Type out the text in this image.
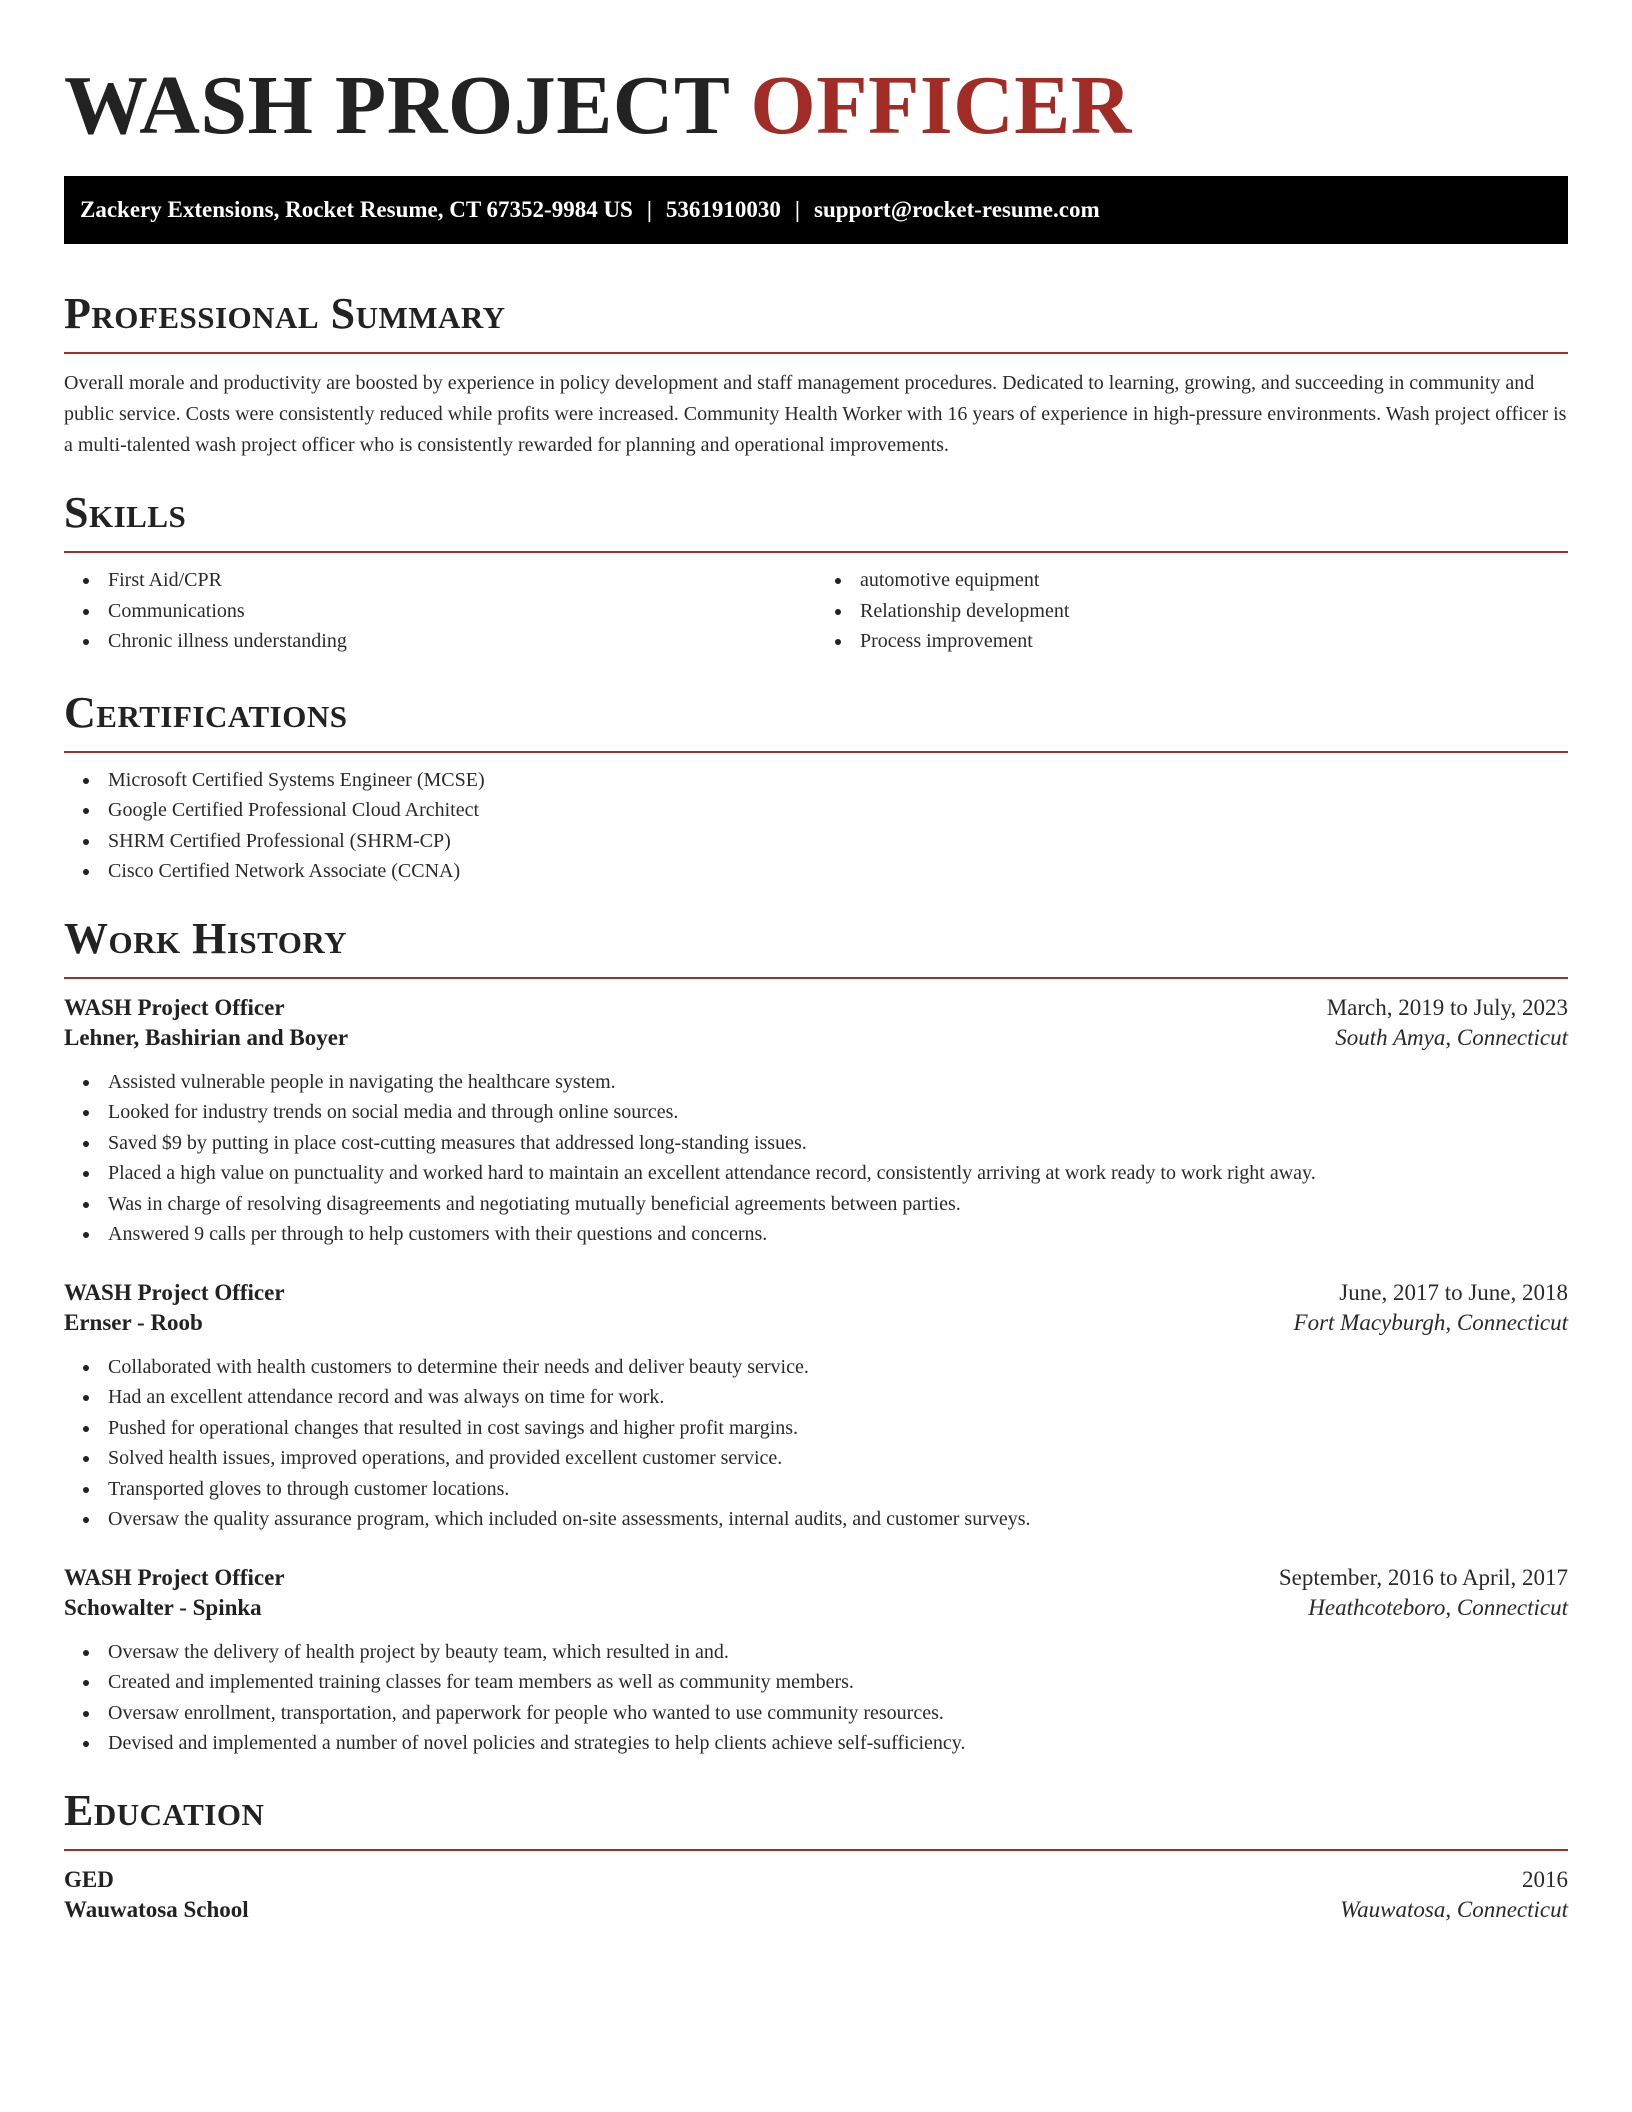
WASH PROJECT OFFICER
Zackery Extensions, Rocket Resume, CT 67352-9984 US | 5361910030 | support@rocket-resume.com
Professional Summary

Overall morale and productivity are boosted by experience in policy development and staff management procedures. Dedicated to learning, growing, and succeeding in community and public service. Costs were consistently reduced while profits were increased. Community Health Worker with 16 years of experience in high-pressure environments. Wash project officer is a multi-talented wash project officer who is consistently rewarded for planning and operational improvements.

Skills
First Aid/CPR
Communications
Chronic illness understanding
automotive equipment
Relationship development
Process improvement
Certifications
Microsoft Certified Systems Engineer (MCSE)
Google Certified Professional Cloud Architect
SHRM Certified Professional (SHRM-CP)
Cisco Certified Network Associate (CCNA)
Work History
WASH Project Officer	March, 2019 to July, 2023
Lehner, Bashirian and Boyer	South Amya, Connecticut
Assisted vulnerable people in navigating the healthcare system.
Looked for industry trends on social media and through online sources.
Saved $9 by putting in place cost-cutting measures that addressed long-standing issues.
Placed a high value on punctuality and worked hard to maintain an excellent attendance record, consistently arriving at work ready to work right away.
Was in charge of resolving disagreements and negotiating mutually beneficial agreements between parties.
Answered 9 calls per through to help customers with their questions and concerns.
WASH Project Officer	June, 2017 to June, 2018
Ernser - Roob	Fort Macyburgh, Connecticut
Collaborated with health customers to determine their needs and deliver beauty service.
Had an excellent attendance record and was always on time for work.
Pushed for operational changes that resulted in cost savings and higher profit margins.
Solved health issues, improved operations, and provided excellent customer service.
Transported gloves to through customer locations.
Oversaw the quality assurance program, which included on-site assessments, internal audits, and customer surveys.
WASH Project Officer	September, 2016 to April, 2017
Schowalter - Spinka	Heathcoteboro, Connecticut
Oversaw the delivery of health project by beauty team, which resulted in and.
Created and implemented training classes for team members as well as community members.
Oversaw enrollment, transportation, and paperwork for people who wanted to use community resources.
Devised and implemented a number of novel policies and strategies to help clients achieve self-sufficiency.
Education
GED	2016
Wauwatosa School	Wauwatosa, Connecticut
